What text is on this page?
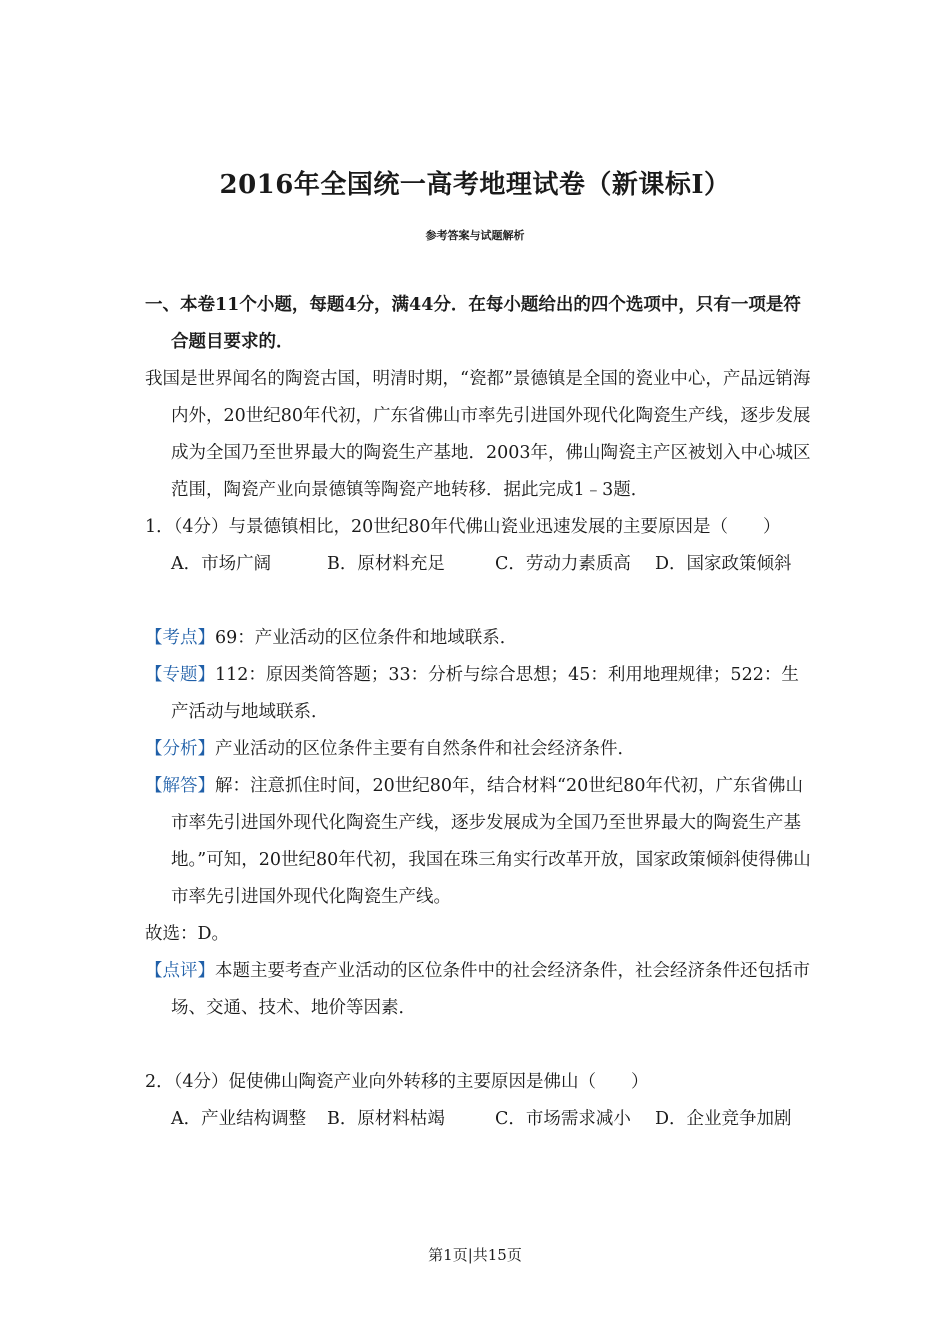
2016年全国统一高考地理试卷（新课标Ⅰ）
参考答案与试题解析

一、本卷11个小题，每题4分，满44分．在每小题给出的四个选项中，只有一项是符合题目要求的．

我国是世界闻名的陶瓷古国，明清时期，“瓷都”景德镇是全国的瓷业中心，产品远销海内外，20世纪80年代初，广东省佛山市率先引进国外现代化陶瓷生产线，逐步发展成为全国乃至世界最大的陶瓷生产基地．2003年，佛山陶瓷主产区被划入中心城区范围，陶瓷产业向景德镇等陶瓷产地转移．据此完成1﹣3题．

1．（4分）与景德镇相比，20世纪80年代佛山瓷业迅速发展的主要原因是（　　）

A．市场广阔	B．原材料充足	C．劳动力素质高	D．国家政策倾斜

【考点】69：产业活动的区位条件和地域联系．

【专题】112：原因类简答题；33：分析与综合思想；45：利用地理规律；522：生产活动与地域联系．

【分析】产业活动的区位条件主要有自然条件和社会经济条件．

【解答】解：注意抓住时间，20世纪80年，结合材料“20世纪80年代初，广东省佛山市率先引进国外现代化陶瓷生产线，逐步发展成为全国乃至世界最大的陶瓷生产基地。”可知，20世纪80年代初，我国在珠三角实行改革开放，国家政策倾斜使得佛山市率先引进国外现代化陶瓷生产线。

故选：D。

【点评】本题主要考查产业活动的区位条件中的社会经济条件，社会经济条件还包括市场、交通、技术、地价等因素．

2．（4分）促使佛山陶瓷产业向外转移的主要原因是佛山（　　）

A．产业结构调整	B．原材料枯竭	C．市场需求减小	D．企业竞争加剧
第1页|共15页
